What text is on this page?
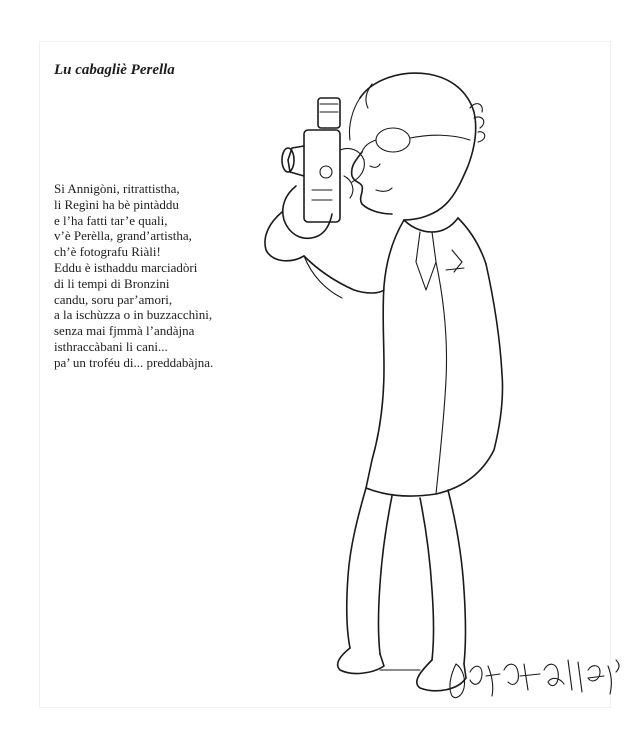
Lu cabagliè Perella
Si Annigòni, ritrattistha,
li Regìni ha bè pintàddu
e l’ha fatti tar’e quali,
v’è Perèlla, grand’artistha,
ch’è fotografu Riàli!
Eddu è isthaddu marciadòri
di li tempi di Bronzini
candu, soru par’amori,
a la ischùzza o in buzzacchìni,
senza mai fjmmà l’andàjna
isthraccàbani li cani...
pa’ un troféu di... preddabàjna.
